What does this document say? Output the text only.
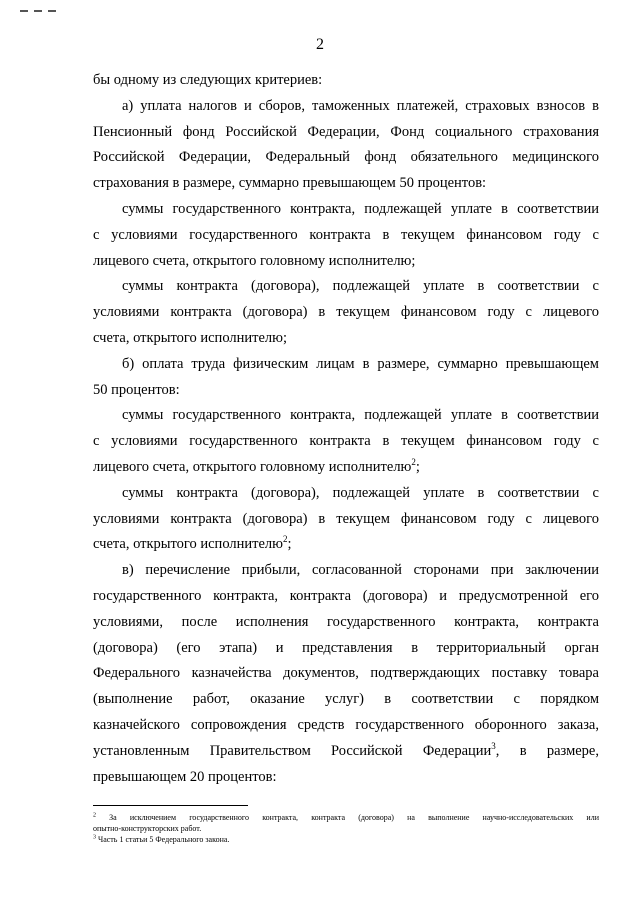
2
бы одному из следующих критериев:
а) уплата налогов и сборов, таможенных платежей, страховых взносов в
Пенсионный фонд Российской Федерации, Фонд социального страхования
Российской Федерации, Федеральный фонд обязательного медицинского
страхования в размере, суммарно превышающем 50 процентов:
суммы государственного контракта, подлежащей уплате в соответствии
с условиями государственного контракта в текущем финансовом году с
лицевого счета, открытого головному исполнителю;
суммы контракта (договора), подлежащей уплате в соответствии с
условиями контракта (договора) в текущем финансовом году с лицевого
счета, открытого исполнителю;
б) оплата труда физическим лицам в размере, суммарно превышающем
50 процентов:
суммы государственного контракта, подлежащей уплате в соответствии
с условиями государственного контракта в текущем финансовом году с
лицевого счета, открытого головному исполнителю$^2$;
суммы контракта (договора), подлежащей уплате в соответствии с
условиями контракта (договора) в текущем финансовом году с лицевого
счета, открытого исполнителю$^2$;
в) перечисление прибыли, согласованной сторонами при заключении
государственного контракта, контракта (договора) и предусмотренной его
условиями, после исполнения государственного контракта, контракта
(договора) (его этапа) и представления в территориальный орган
Федерального казначейства документов, подтверждающих поставку товара
(выполнение работ, оказание услуг) в соответствии с порядком
казначейского сопровождения средств государственного оборонного заказа,
установленным Правительством Российской Федерации$^3$, в размере,
превышающем 20 процентов:
$^2$ За исключением государственного контракта, контракта (договора) на выполнение научно-исследовательских или
опытно-конструкторских работ.
$^3$ Часть 1 статьи 5 Федерального закона.
